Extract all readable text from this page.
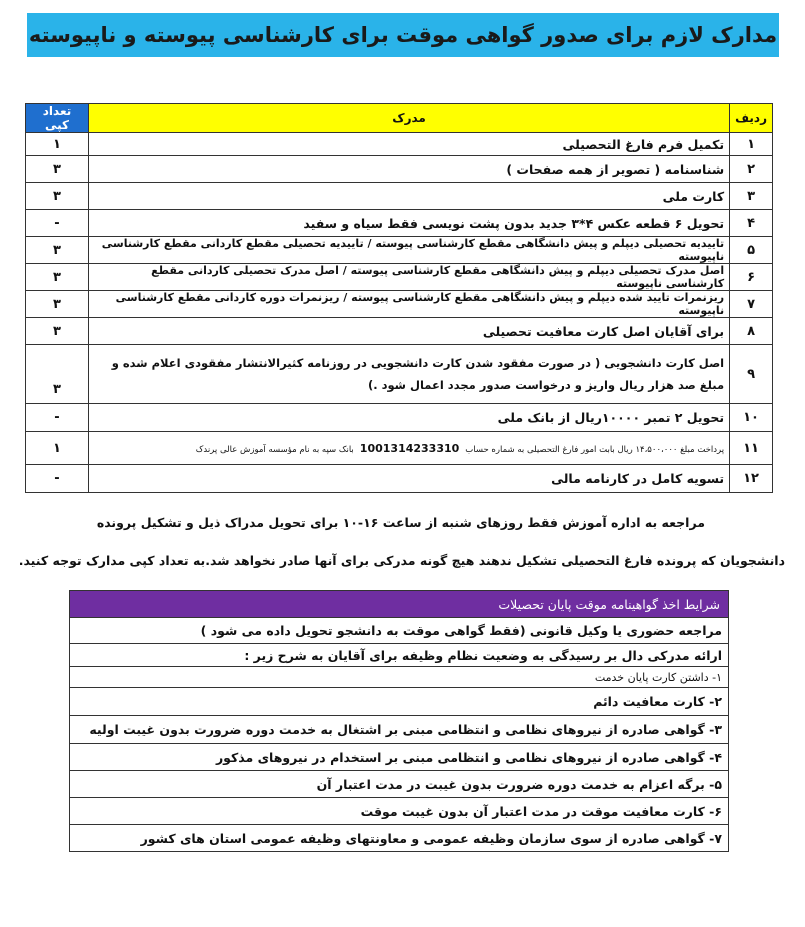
مدارک لازم برای صدور گواهی موقت برای کارشناسی پیوسته و ناپیوسته
ردیف	مدرک	تعداد کپی
۱	تکمیل فرم فارغ التحصیلی	۱
۲	شناسنامه ( تصویر از همه صفحات )	۳
۳	کارت ملی	۳
۴	تحویل ۶ قطعه عکس ۴*۳ جدید بدون پشت نویسی فقط سیاه و سفید	-
۵	تاییدیه تحصیلی دیپلم و پیش دانشگاهی مقطع کارشناسی پیوسته / تاییدیه تحصیلی مقطع کاردانی مقطع کارشناسی ناپیوسته	۳
۶	اصل مدرک تحصیلی دیپلم و پیش دانشگاهی مقطع کارشناسی پیوسته / اصل مدرک تحصیلی کاردانی مقطع کارشناسی ناپیوسته	۳
۷	ریزنمرات تایید شده دیپلم و پیش دانشگاهی مقطع کارشناسی پیوسته / ریزنمرات دوره کاردانی مقطع کارشناسی ناپیوسته	۳
۸	برای آقایان اصل کارت معافیت تحصیلی	۳
۹	اصل کارت دانشجویی ( در صورت مفقود شدن کارت دانشجویی در روزنامه کثیرالانتشار مفقودی اعلام شده و مبلغ صد هزار ریال واریز و درخواست صدور مجدد اعمال شود .)	۳
۱۰	تحویل ۲ تمبر ۱۰۰۰۰ریال از بانک ملی	-
۱۱	پرداخت مبلغ ۱۴،۵۰۰،۰۰۰ ریال بابت امور فارغ التحصیلی به شماره حساب1001314233310بانک سپه به نام مؤسسه آموزش عالی پرندک	۱
۱۲	تسویه کامل در کارنامه مالی	-
مراجعه به اداره آموزش فقط روزهای شنبه از ساعت ۱۶-۱۰ برای تحویل مدراک ذیل و تشکیل پرونده
دانشجویان که پرونده فارغ التحصیلی تشکیل ندهند هیچ گونه مدرکی برای آنها صادر نخواهد شد.به تعداد کپی مدارک توجه کنید.
شرایط اخذ گواهینامه موقت پایان تحصیلات
مراجعه حضوری یا وکیل قانونی (فقط گواهی موقت به دانشجو تحویل داده می شود )
ارائه مدرکی دال بر رسیدگی به وضعیت نظام وظیفه برای آقایان به شرح زیر :
۱- داشتن کارت پایان خدمت
۲- کارت معافیت دائم
۳- گواهی صادره از نیروهای نظامی و انتظامی مبنی بر اشتغال به خدمت دوره ضرورت بدون غیبت اولیه
۴- گواهی صادره از نیروهای نظامی و انتظامی مبنی بر استخدام در نیروهای مذکور
۵- برگه اعزام به خدمت دوره ضرورت بدون غیبت در مدت اعتبار آن
۶- کارت معافیت موقت در مدت اعتبار آن بدون غیبت موقت
۷- گواهی صادره از سوی سازمان وظیفه عمومی و معاونتهای وظیفه عمومی استان های کشور
